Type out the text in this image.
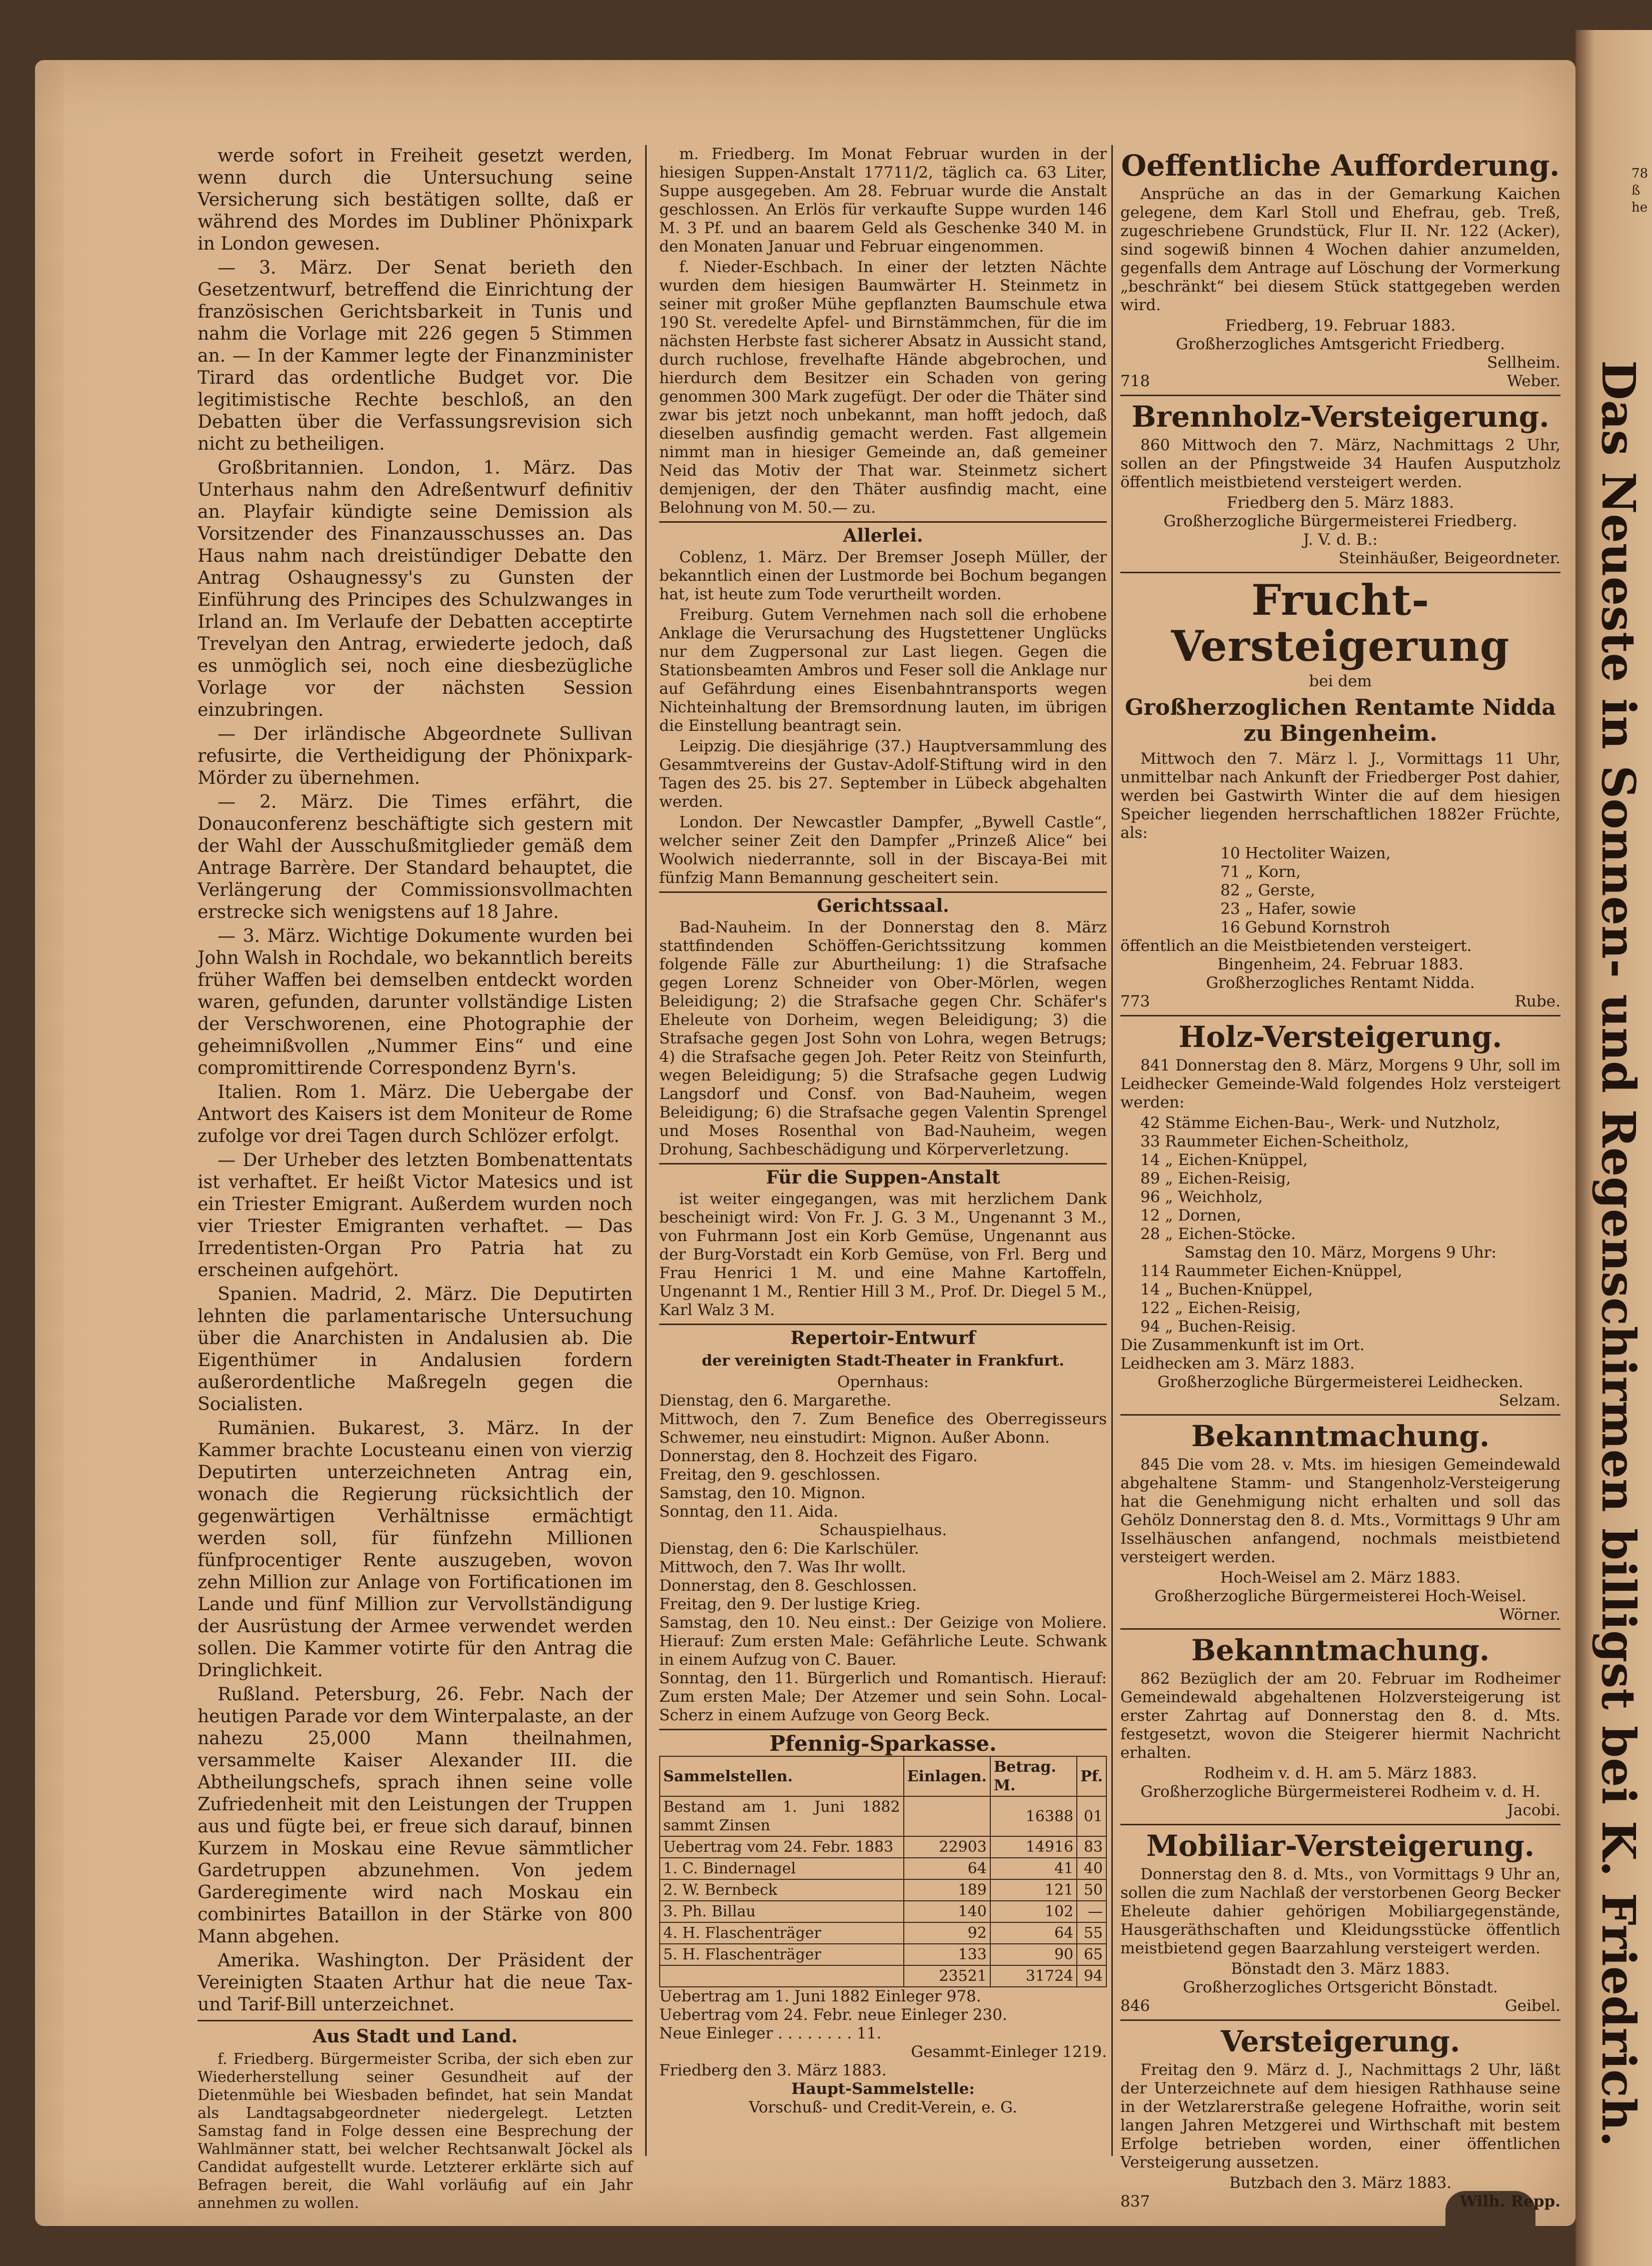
werde sofort in Freiheit gesetzt werden, wenn durch die Untersuchung seine Versicherung sich bestätigen sollte, daß er während des Mordes im Dubliner Phönixpark in London gewesen.

— 3. März. Der Senat berieth den Gesetzentwurf, betreffend die Einrichtung der französischen Gerichtsbarkeit in Tunis und nahm die Vorlage mit 226 gegen 5 Stimmen an. — In der Kammer legte der Finanzminister Tirard das ordentliche Budget vor. Die legitimistische Rechte beschloß, an den Debatten über die Verfassungsrevision sich nicht zu betheiligen.

Großbritannien. London, 1. März. Das Unterhaus nahm den Adreßentwurf definitiv an. Playfair kündigte seine Demission als Vorsitzender des Finanzausschusses an. Das Haus nahm nach dreistündiger Debatte den Antrag Oshaugnessy's zu Gunsten der Einführung des Principes des Schulzwanges in Irland an. Im Verlaufe der Debatten acceptirte Trevelyan den Antrag, erwiederte jedoch, daß es unmöglich sei, noch eine diesbezügliche Vorlage vor der nächsten Session einzubringen.

— Der irländische Abgeordnete Sullivan refusirte, die Vertheidigung der Phönixpark-Mörder zu übernehmen.

— 2. März. Die Times erfährt, die Donauconferenz beschäftigte sich gestern mit der Wahl der Ausschußmitglieder gemäß dem Antrage Barrère. Der Standard behauptet, die Verlängerung der Commissionsvollmachten erstrecke sich wenigstens auf 18 Jahre.

— 3. März. Wichtige Dokumente wurden bei John Walsh in Rochdale, wo bekanntlich bereits früher Waffen bei demselben entdeckt worden waren, gefunden, darunter vollständige Listen der Verschworenen, eine Photographie der geheimnißvollen „Nummer Eins“ und eine compromittirende Correspondenz Byrn's.

Italien. Rom 1. März. Die Uebergabe der Antwort des Kaisers ist dem Moniteur de Rome zufolge vor drei Tagen durch Schlözer erfolgt.

— Der Urheber des letzten Bombenattentats ist verhaftet. Er heißt Victor Matesics und ist ein Triester Emigrant. Außerdem wurden noch vier Triester Emigranten verhaftet. — Das Irredentisten-Organ Pro Patria hat zu erscheinen aufgehört.

Spanien. Madrid, 2. März. Die Deputirten lehnten die parlamentarische Untersuchung über die Anarchisten in Andalusien ab. Die Eigenthümer in Andalusien fordern außerordentliche Maßregeln gegen die Socialisten.

Rumänien. Bukarest, 3. März. In der Kammer brachte Locusteanu einen von vierzig Deputirten unterzeichneten Antrag ein, wonach die Regierung rücksichtlich der gegenwärtigen Verhältnisse ermächtigt werden soll, für fünfzehn Millionen fünfprocentiger Rente auszugeben, wovon zehn Million zur Anlage von Fortificationen im Lande und fünf Million zur Vervollständigung der Ausrüstung der Armee verwendet werden sollen. Die Kammer votirte für den Antrag die Dringlichkeit.

Rußland. Petersburg, 26. Febr. Nach der heutigen Parade vor dem Winterpalaste, an der nahezu 25,000 Mann theilnahmen, versammelte Kaiser Alexander III. die Abtheilungschefs, sprach ihnen seine volle Zufriedenheit mit den Leistungen der Truppen aus und fügte bei, er freue sich darauf, binnen Kurzem in Moskau eine Revue sämmtlicher Gardetruppen abzunehmen. Von jedem Garderegimente wird nach Moskau ein combinirtes Bataillon in der Stärke von 800 Mann abgehen.

Amerika. Washington. Der Präsident der Vereinigten Staaten Arthur hat die neue Tax- und Tarif-Bill unterzeichnet.

Aus Stadt und Land.

f. Friedberg. Bürgermeister Scriba, der sich eben zur Wiederherstellung seiner Gesundheit auf der Dietenmühle bei Wiesbaden befindet, hat sein Mandat als Landtagsabgeordneter niedergelegt. Letzten Samstag fand in Folge dessen eine Besprechung der Wahlmänner statt, bei welcher Rechtsanwalt Jöckel als Candidat aufgestellt wurde. Letzterer erklärte sich auf Befragen bereit, die Wahl vorläufig auf ein Jahr annehmen zu wollen.

m. Friedberg. Im Monat Februar wurden in der hiesigen Suppen-Anstalt 17711/2, täglich ca. 63 Liter, Suppe ausgegeben. Am 28. Februar wurde die Anstalt geschlossen. An Erlös für verkaufte Suppe wurden 146 M. 3 Pf. und an baarem Geld als Geschenke 340 M. in den Monaten Januar und Februar eingenommen.

f. Nieder-Eschbach. In einer der letzten Nächte wurden dem hiesigen Baumwärter H. Steinmetz in seiner mit großer Mühe gepflanzten Baumschule etwa 190 St. veredelte Apfel- und Birnstämmchen, für die im nächsten Herbste fast sicherer Absatz in Aussicht stand, durch ruchlose, frevelhafte Hände abgebrochen, und hierdurch dem Besitzer ein Schaden von gering genommen 300 Mark zugefügt. Der oder die Thäter sind zwar bis jetzt noch unbekannt, man hofft jedoch, daß dieselben ausfindig gemacht werden. Fast allgemein nimmt man in hiesiger Gemeinde an, daß gemeiner Neid das Motiv der That war. Steinmetz sichert demjenigen, der den Thäter ausfindig macht, eine Belohnung von M. 50.— zu.

Allerlei.

Coblenz, 1. März. Der Bremser Joseph Müller, der bekanntlich einen der Lustmorde bei Bochum begangen hat, ist heute zum Tode verurtheilt worden.

Freiburg. Gutem Vernehmen nach soll die erhobene Anklage die Verursachung des Hugstettener Unglücks nur dem Zugpersonal zur Last liegen. Gegen die Stationsbeamten Ambros und Feser soll die Anklage nur auf Gefährdung eines Eisenbahntransports wegen Nichteinhaltung der Bremsordnung lauten, im übrigen die Einstellung beantragt sein.

Leipzig. Die diesjährige (37.) Hauptversammlung des Gesammtvereins der Gustav-Adolf-Stiftung wird in den Tagen des 25. bis 27. September in Lübeck abgehalten werden.

London. Der Newcastler Dampfer, „Bywell Castle“, welcher seiner Zeit den Dampfer „Prinzeß Alice“ bei Woolwich niederrannte, soll in der Biscaya-Bei mit fünfzig Mann Bemannung gescheitert sein.

Gerichtssaal.

Bad-Nauheim. In der Donnerstag den 8. März stattfindenden Schöffen-Gerichtssitzung kommen folgende Fälle zur Aburtheilung: 1) die Strafsache gegen Lorenz Schneider von Ober-Mörlen, wegen Beleidigung; 2) die Strafsache gegen Chr. Schäfer's Eheleute von Dorheim, wegen Beleidigung; 3) die Strafsache gegen Jost Sohn von Lohra, wegen Betrugs; 4) die Strafsache gegen Joh. Peter Reitz von Steinfurth, wegen Beleidigung; 5) die Strafsache gegen Ludwig Langsdorf und Consf. von Bad-Nauheim, wegen Beleidigung; 6) die Strafsache gegen Valentin Sprengel und Moses Rosenthal von Bad-Nauheim, wegen Drohung, Sachbeschädigung und Körperverletzung.

Für die Suppen-Anstalt

ist weiter eingegangen, was mit herzlichem Dank bescheinigt wird: Von Fr. J. G. 3 M., Ungenannt 3 M., von Fuhrmann Jost ein Korb Gemüse, Ungenannt aus der Burg-Vorstadt ein Korb Gemüse, von Frl. Berg und Frau Henrici 1 M. und eine Mahne Kartoffeln, Ungenannt 1 M., Rentier Hill 3 M., Prof. Dr. Diegel 5 M., Karl Walz 3 M.

Repertoir-Entwurf
der vereinigten Stadt-Theater in Frankfurt.
Opernhaus:
Dienstag, den 6. Margarethe.
Mittwoch, den 7. Zum Benefice des Oberregisseurs Schwemer, neu einstudirt: Mignon. Außer Abonn.
Donnerstag, den 8. Hochzeit des Figaro.
Freitag, den 9. geschlossen.
Samstag, den 10. Mignon.
Sonntag, den 11. Aida.
Schauspielhaus.
Dienstag, den 6: Die Karlschüler.
Mittwoch, den 7. Was Ihr wollt.
Donnerstag, den 8. Geschlossen.
Freitag, den 9. Der lustige Krieg.
Samstag, den 10. Neu einst.: Der Geizige von Moliere. Hierauf: Zum ersten Male: Gefährliche Leute. Schwank in einem Aufzug von C. Bauer.
Sonntag, den 11. Bürgerlich und Romantisch. Hierauf: Zum ersten Male; Der Atzemer und sein Sohn. Local-Scherz in einem Aufzuge von Georg Beck.
Pfennig-Sparkasse.
Sammelstellen.	Einlagen.	Betrag. M.	Pf.
Bestand am 1. Juni 1882 sammt Zinsen		16388	01
Uebertrag vom 24. Febr. 1883	22903	14916	83
1. C. Bindernagel	64	41	40
2. W. Bernbeck	189	121	50
3. Ph. Billau	140	102	—
4. H. Flaschenträger	92	64	55
5. H. Flaschenträger	133	90	65
	23521	31724	94
Uebertrag am 1. Juni 1882 Einleger 978.
Uebertrag vom 24. Febr. neue Einleger 230.
Neue Einleger . . . . . . . . 11.
Gesammt-Einleger 1219.
Friedberg den 3. März 1883.
Haupt-Sammelstelle:
Vorschuß- und Credit-Verein, e. G.
Oeffentliche Aufforderung.

Ansprüche an das in der Gemarkung Kaichen gelegene, dem Karl Stoll und Ehefrau, geb. Treß, zugeschriebene Grundstück, Flur II. Nr. 122 (Acker), sind sogewiß binnen 4 Wochen dahier anzumelden, gegenfalls dem Antrage auf Löschung der Vormerkung „beschränkt“ bei diesem Stück stattgegeben werden wird.

Friedberg, 19. Februar 1883.
Großherzogliches Amtsgericht Friedberg.
Sellheim.
718	Weber.
Brennholz-Versteigerung.

860 Mittwoch den 7. März, Nachmittags 2 Uhr, sollen an der Pfingstweide 34 Haufen Ausputzholz öffentlich meistbietend versteigert werden.

Friedberg den 5. März 1883.
Großherzogliche Bürgermeisterei Friedberg.
J. V. d. B.:
Steinhäußer, Beigeordneter.
Frucht-Versteigerung
bei dem
Großherzoglichen Rentamte Nidda zu Bingenheim.

Mittwoch den 7. März l. J., Vormittags 11 Uhr, unmittelbar nach Ankunft der Friedberger Post dahier, werden bei Gastwirth Winter die auf dem hiesigen Speicher liegenden herrschaftlichen 1882er Früchte, als:

10 Hectoliter Waizen,
71 „ Korn,
82 „ Gerste,
23 „ Hafer, sowie
16 Gebund Kornstroh
öffentlich an die Meistbietenden versteigert.
Bingenheim, 24. Februar 1883.
Großherzogliches Rentamt Nidda.
773	Rube.
Holz-Versteigerung.

841 Donnerstag den 8. März, Morgens 9 Uhr, soll im Leidhecker Gemeinde-Wald folgendes Holz versteigert werden:

42 Stämme Eichen-Bau-, Werk- und Nutzholz,
33 Raummeter Eichen-Scheitholz,
14 „ Eichen-Knüppel,
89 „ Eichen-Reisig,
96 „ Weichholz,
12 „ Dornen,
28 „ Eichen-Stöcke.
Samstag den 10. März, Morgens 9 Uhr:
114 Raummeter Eichen-Knüppel,
14 „ Buchen-Knüppel,
122 „ Eichen-Reisig,
94 „ Buchen-Reisig.
Die Zusammenkunft ist im Ort.
Leidhecken am 3. März 1883.
Großherzogliche Bürgermeisterei Leidhecken.
Selzam.
Bekanntmachung.

845 Die vom 28. v. Mts. im hiesigen Gemeindewald abgehaltene Stamm- und Stangenholz-Versteigerung hat die Genehmigung nicht erhalten und soll das Gehölz Donnerstag den 8. d. Mts., Vormittags 9 Uhr am Isselhäuschen anfangend, nochmals meistbietend versteigert werden.

Hoch-Weisel am 2. März 1883.
Großherzogliche Bürgermeisterei Hoch-Weisel.
Wörner.
Bekanntmachung.

862 Bezüglich der am 20. Februar im Rodheimer Gemeindewald abgehaltenen Holzversteigerung ist erster Zahrtag auf Donnerstag den 8. d. Mts. festgesetzt, wovon die Steigerer hiermit Nachricht erhalten.

Rodheim v. d. H. am 5. März 1883.
Großherzogliche Bürgermeisterei Rodheim v. d. H.
Jacobi.
Mobiliar-Versteigerung.

Donnerstag den 8. d. Mts., von Vormittags 9 Uhr an, sollen die zum Nachlaß der verstorbenen Georg Becker Eheleute dahier gehörigen Mobiliargegenstände, Hausgeräthschaften und Kleidungsstücke öffentlich meistbietend gegen Baarzahlung versteigert werden.

Bönstadt den 3. März 1883.
Großherzogliches Ortsgericht Bönstadt.
846	Geibel.
Versteigerung.

Freitag den 9. März d. J., Nachmittags 2 Uhr, läßt der Unterzeichnete auf dem hiesigen Rathhause seine in der Wetzlarerstraße gelegene Hofraithe, worin seit langen Jahren Metzgerei und Wirthschaft mit bestem Erfolge betrieben worden, einer öffentlichen Versteigerung aussetzen.

Butzbach den 3. März 1883.
837	Wilh. Repp.
Das Neueste in Sonnen- und Regenschirmen billigst bei K. Friedrich.
78
ß
he
